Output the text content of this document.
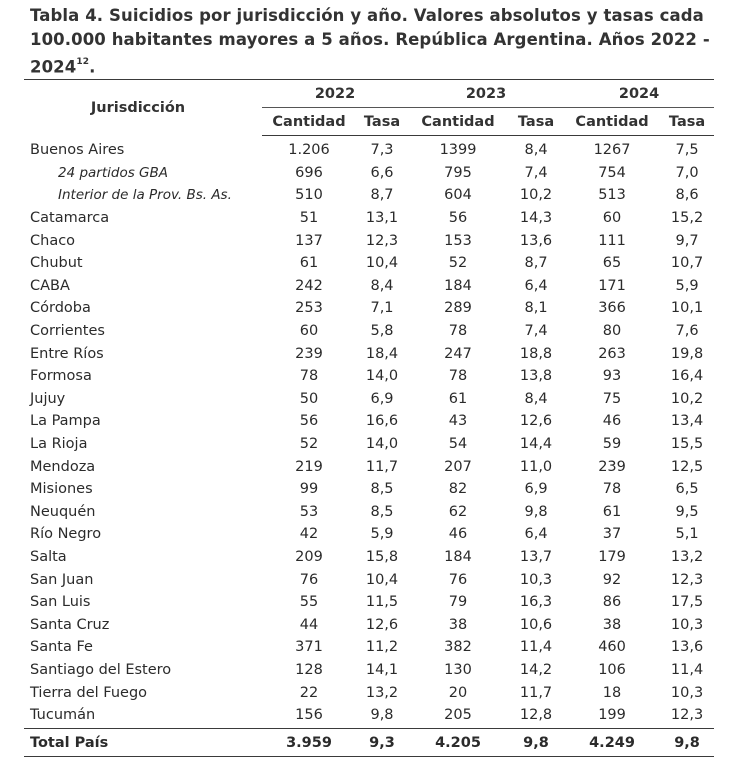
Tabla 4. Suicidios por jurisdicción y año. Valores absolutos y tasas cada 100.000 habitantes mayores a 5 años. República Argentina. Años 2022 - 2024$^{12}$.
Jurisdicción	2022		2023		2024	
	Cantidad	Tasa	Cantidad	Tasa	Cantidad	Tasa
Buenos Aires	1.206	7,3	1399	8,4	1267	7,5
24 partidos GBA	696	6,6	795	7,4	754	7,0
Interior de la Prov. Bs. As.	510	8,7	604	10,2	513	8,6
Catamarca	51	13,1	56	14,3	60	15,2
Chaco	137	12,3	153	13,6	111	9,7
Chubut	61	10,4	52	8,7	65	10,7
CABA	242	8,4	184	6,4	171	5,9
Córdoba	253	7,1	289	8,1	366	10,1
Corrientes	60	5,8	78	7,4	80	7,6
Entre Ríos	239	18,4	247	18,8	263	19,8
Formosa	78	14,0	78	13,8	93	16,4
Jujuy	50	6,9	61	8,4	75	10,2
La Pampa	56	16,6	43	12,6	46	13,4
La Rioja	52	14,0	54	14,4	59	15,5
Mendoza	219	11,7	207	11,0	239	12,5
Misiones	99	8,5	82	6,9	78	6,5
Neuquén	53	8,5	62	9,8	61	9,5
Río Negro	42	5,9	46	6,4	37	5,1
Salta	209	15,8	184	13,7	179	13,2
San Juan	76	10,4	76	10,3	92	12,3
San Luis	55	11,5	79	16,3	86	17,5
Santa Cruz	44	12,6	38	10,6	38	10,3
Santa Fe	371	11,2	382	11,4	460	13,6
Santiago del Estero	128	14,1	130	14,2	106	11,4
Tierra del Fuego	22	13,2	20	11,7	18	10,3
Tucumán	156	9,8	205	12,8	199	12,3
Total País	3.959	9,3	4.205	9,8	4.249	9,8
